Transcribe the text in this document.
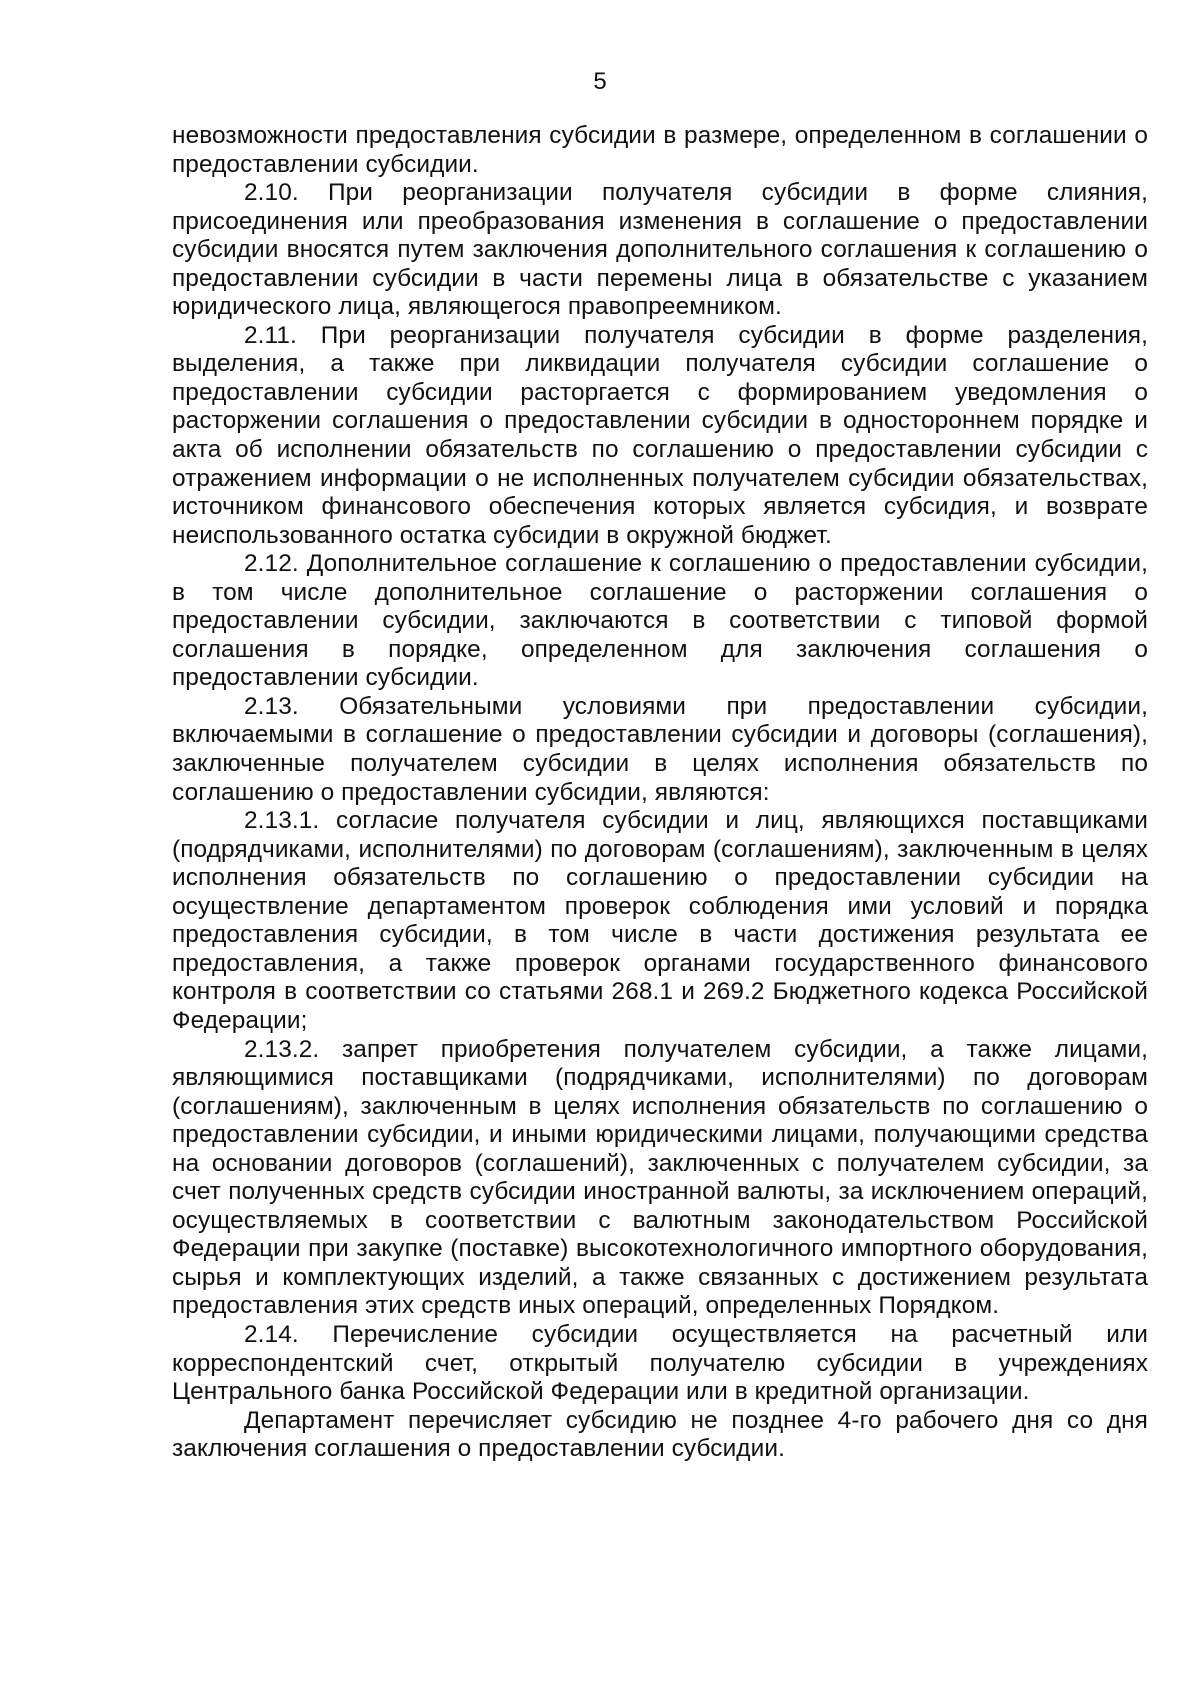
5

невозможности предоставления субсидии в размере, определенном в соглашении о предоставлении субсидии.

2.10. При реорганизации получателя субсидии в форме слияния, присоединения или преобразования изменения в соглашение о предоставлении субсидии вносятся путем заключения дополнительного соглашения к соглашению о предоставлении субсидии в части перемены лица в обязательстве с указанием юридического лица, являющегося правопреемником.

2.11. При реорганизации получателя субсидии в форме разделения, выделения, а также при ликвидации получателя субсидии соглашение о предоставлении субсидии расторгается с формированием уведомления о расторжении соглашения о предоставлении субсидии в одностороннем порядке и акта об исполнении обязательств по соглашению о предоставлении субсидии с отражением информации о не исполненных получателем субсидии обязательствах, источником финансового обеспечения которых является субсидия, и возврате неиспользованного остатка субсидии в окружной бюджет.

2.12. Дополнительное соглашение к соглашению о предоставлении субсидии, в том числе дополнительное соглашение о расторжении соглашения о предоставлении субсидии, заключаются в соответствии с типовой формой соглашения в порядке, определенном для заключения соглашения о предоставлении субсидии.

2.13. Обязательными условиями при предоставлении субсидии, включаемыми в соглашение о предоставлении субсидии и договоры (соглашения), заключенные получателем субсидии в целях исполнения обязательств по соглашению о предоставлении субсидии, являются:

2.13.1. согласие получателя субсидии и лиц, являющихся поставщиками (подрядчиками, исполнителями) по договорам (соглашениям), заключенным в целях исполнения обязательств по соглашению о предоставлении субсидии на осуществление департаментом проверок соблюдения ими условий и порядка предоставления субсидии, в том числе в части достижения результата ее предоставления, а также проверок органами государственного финансового контроля в соответствии со статьями 268.1 и 269.2 Бюджетного кодекса Российской Федерации;

2.13.2. запрет приобретения получателем субсидии, а также лицами, являющимися поставщиками (подрядчиками, исполнителями) по договорам (соглашениям), заключенным в целях исполнения обязательств по соглашению о предоставлении субсидии, и иными юридическими лицами, получающими средства на основании договоров (соглашений), заключенных с получателем субсидии, за счет полученных средств субсидии иностранной валюты, за исключением операций, осуществляемых в соответствии с валютным законодательством Российской Федерации при закупке (поставке) высокотехнологичного импортного оборудования, сырья и комплектующих изделий, а также связанных с достижением результата предоставления этих средств иных операций, определенных Порядком.

2.14. Перечисление субсидии осуществляется на расчетный или корреспондентский счет, открытый получателю субсидии в учреждениях Центрального банка Российской Федерации или в кредитной организации.

Департамент перечисляет субсидию не позднее 4-го рабочего дня со дня заключения соглашения о предоставлении субсидии.
